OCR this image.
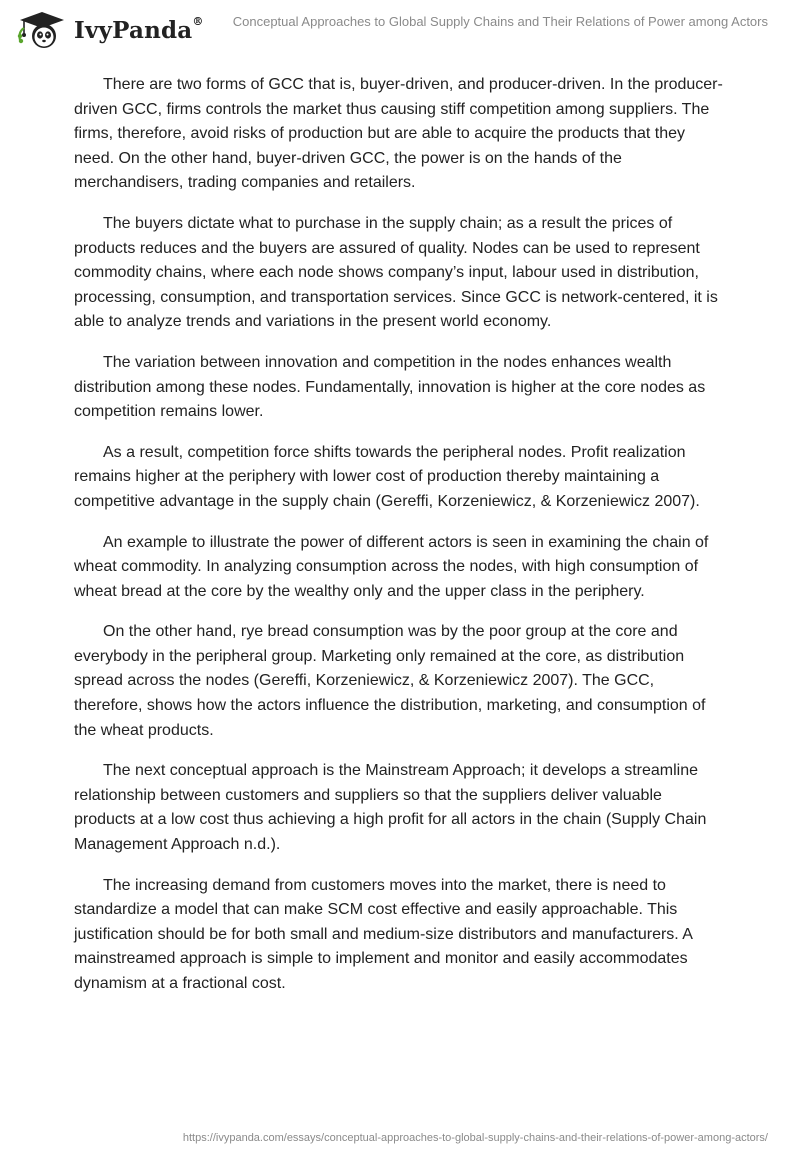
IvyPanda® Conceptual Approaches to Global Supply Chains and Their Relations of Power among Actors

There are two forms of GCC that is, buyer-driven, and producer-driven. In the producer-driven GCC, firms controls the market thus causing stiff competition among suppliers. The firms, therefore, avoid risks of production but are able to acquire the products that they need. On the other hand, buyer-driven GCC, the power is on the hands of the merchandisers, trading companies and retailers.

The buyers dictate what to purchase in the supply chain; as a result the prices of products reduces and the buyers are assured of quality. Nodes can be used to represent commodity chains, where each node shows company’s input, labour used in distribution, processing, consumption, and transportation services. Since GCC is network-centered, it is able to analyze trends and variations in the present world economy.

The variation between innovation and competition in the nodes enhances wealth distribution among these nodes. Fundamentally, innovation is higher at the core nodes as competition remains lower.

As a result, competition force shifts towards the peripheral nodes. Profit realization remains higher at the periphery with lower cost of production thereby maintaining a competitive advantage in the supply chain (Gereffi, Korzeniewicz, & Korzeniewicz 2007).

An example to illustrate the power of different actors is seen in examining the chain of wheat commodity. In analyzing consumption across the nodes, with high consumption of wheat bread at the core by the wealthy only and the upper class in the periphery.

On the other hand, rye bread consumption was by the poor group at the core and everybody in the peripheral group. Marketing only remained at the core, as distribution spread across the nodes (Gereffi, Korzeniewicz, & Korzeniewicz 2007). The GCC, therefore, shows how the actors influence the distribution, marketing, and consumption of the wheat products.

The next conceptual approach is the Mainstream Approach; it develops a streamline relationship between customers and suppliers so that the suppliers deliver valuable products at a low cost thus achieving a high profit for all actors in the chain (Supply Chain Management Approach n.d.).

The increasing demand from customers moves into the market, there is need to standardize a model that can make SCM cost effective and easily approachable. This justification should be for both small and medium-size distributors and manufacturers. A mainstreamed approach is simple to implement and monitor and easily accommodates dynamism at a fractional cost.

https://ivypanda.com/essays/conceptual-approaches-to-global-supply-chains-and-their-relations-of-power-among-actors/
